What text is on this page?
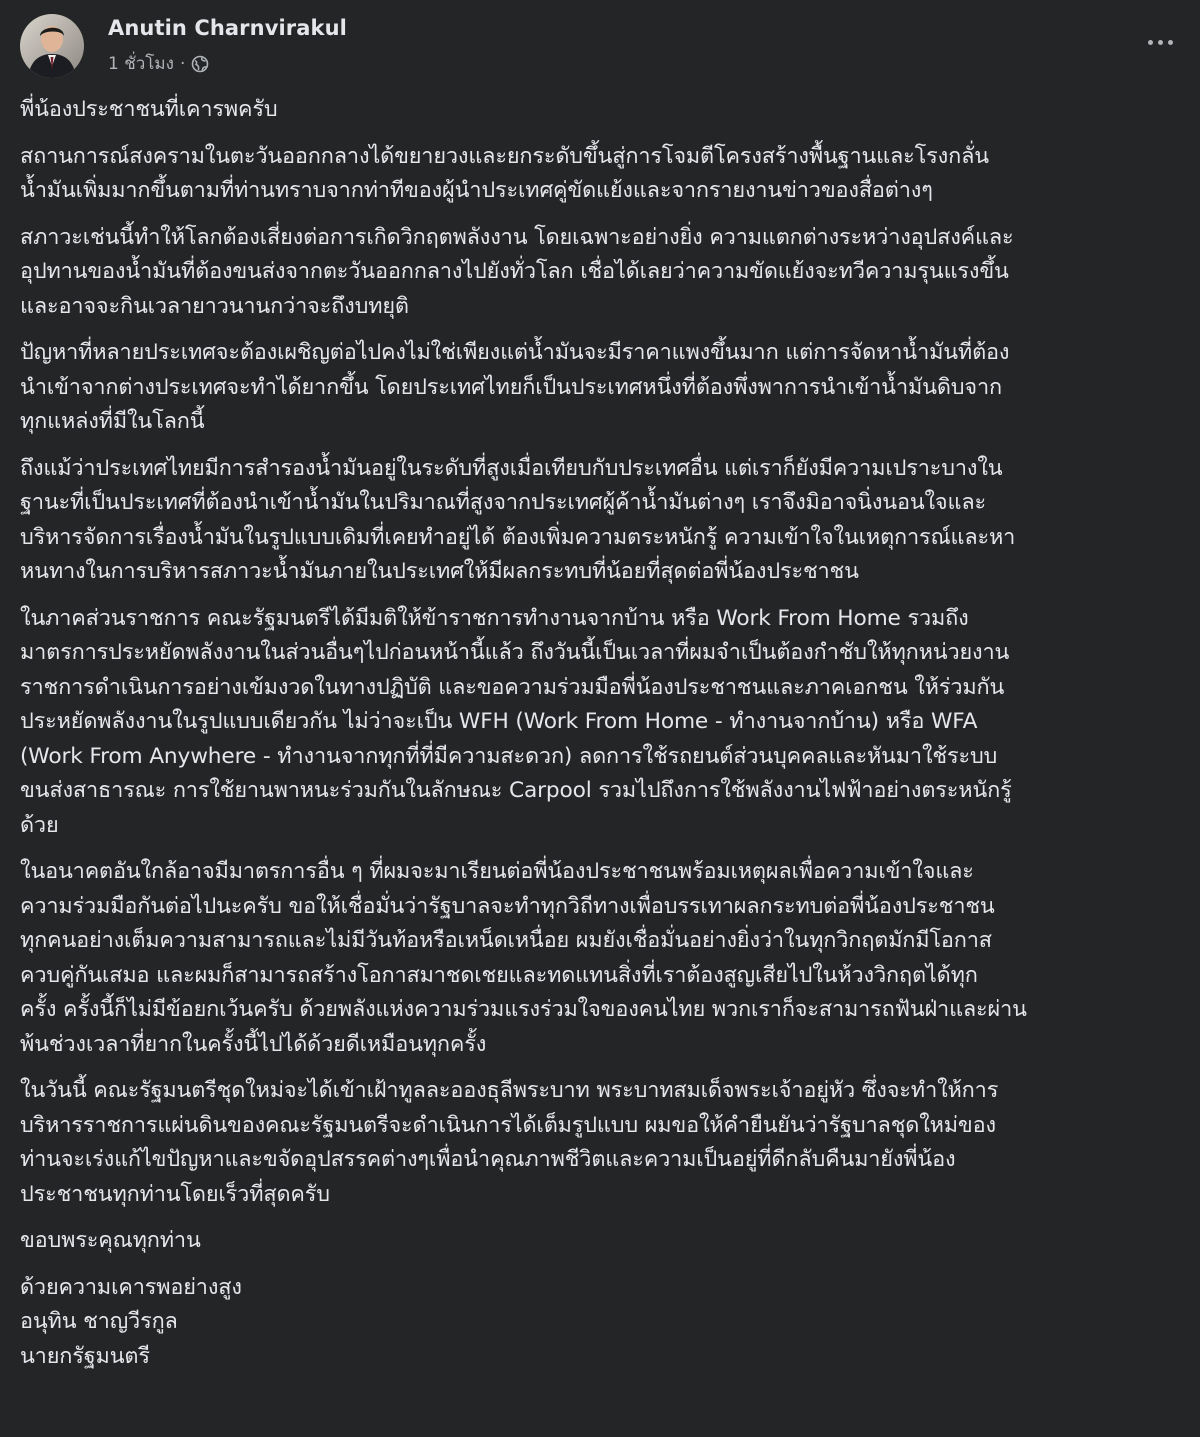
Anutin Charnvirakul
1 ชั่วโมง ·

พี่น้องประชาชนที่เคารพครับ

สถานการณ์สงครามในตะวันออกกลางได้ขยายวงและยกระดับขึ้นสู่การโจมตีโครงสร้างพื้นฐานและโรงกลั่น
น้ำมันเพิ่มมากขึ้นตามที่ท่านทราบจากท่าทีของผู้นำประเทศคู่ขัดแย้งและจากรายงานข่าวของสื่อต่างๆ

สภาวะเช่นนี้ทำให้โลกต้องเสี่ยงต่อการเกิดวิกฤตพลังงาน โดยเฉพาะอย่างยิ่ง ความแตกต่างระหว่างอุปสงค์และ
อุปทานของน้ำมันที่ต้องขนส่งจากตะวันออกกลางไปยังทั่วโลก เชื่อได้เลยว่าความขัดแย้งจะทวีความรุนแรงขึ้น
และอาจจะกินเวลายาวนานกว่าจะถึงบทยุติ

ปัญหาที่หลายประเทศจะต้องเผชิญต่อไปคงไม่ใช่เพียงแต่น้ำมันจะมีราคาแพงขึ้นมาก แต่การจัดหาน้ำมันที่ต้อง
นำเข้าจากต่างประเทศจะทำได้ยากขึ้น โดยประเทศไทยก็เป็นประเทศหนึ่งที่ต้องพึ่งพาการนำเข้าน้ำมันดิบจาก
ทุกแหล่งที่มีในโลกนี้

ถึงแม้ว่าประเทศไทยมีการสำรองน้ำมันอยู่ในระดับที่สูงเมื่อเทียบกับประเทศอื่น แต่เราก็ยังมีความเปราะบางใน
ฐานะที่เป็นประเทศที่ต้องนำเข้าน้ำมันในปริมาณที่สูงจากประเทศผู้ค้าน้ำมันต่างๆ เราจึงมิอาจนิ่งนอนใจและ
บริหารจัดการเรื่องน้ำมันในรูปแบบเดิมที่เคยทำอยู่ได้ ต้องเพิ่มความตระหนักรู้ ความเข้าใจในเหตุการณ์และหา
หนทางในการบริหารสภาวะน้ำมันภายในประเทศให้มีผลกระทบที่น้อยที่สุดต่อพี่น้องประชาชน

ในภาคส่วนราชการ คณะรัฐมนตรีได้มีมติให้ข้าราชการทำงานจากบ้าน หรือ Work From Home รวมถึง
มาตรการประหยัดพลังงานในส่วนอื่นๆไปก่อนหน้านี้แล้ว ถึงวันนี้เป็นเวลาที่ผมจำเป็นต้องกำชับให้ทุกหน่วยงาน
ราชการดำเนินการอย่างเข้มงวดในทางปฏิบัติ และขอความร่วมมือพี่น้องประชาชนและภาคเอกชน ให้ร่วมกัน
ประหยัดพลังงานในรูปแบบเดียวกัน ไม่ว่าจะเป็น WFH (Work From Home - ทำงานจากบ้าน) หรือ WFA
(Work From Anywhere - ทำงานจากทุกที่ที่มีความสะดวก) ลดการใช้รถยนต์ส่วนบุคคลและหันมาใช้ระบบ
ขนส่งสาธารณะ การใช้ยานพาหนะร่วมกันในลักษณะ Carpool รวมไปถึงการใช้พลังงานไฟฟ้าอย่างตระหนักรู้
ด้วย

ในอนาคตอันใกล้อาจมีมาตรการอื่น ๆ ที่ผมจะมาเรียนต่อพี่น้องประชาชนพร้อมเหตุผลเพื่อความเข้าใจและ
ความร่วมมือกันต่อไปนะครับ ขอให้เชื่อมั่นว่ารัฐบาลจะทำทุกวิถีทางเพื่อบรรเทาผลกระทบต่อพี่น้องประชาชน
ทุกคนอย่างเต็มความสามารถและไม่มีวันท้อหรือเหน็ดเหนื่อย ผมยังเชื่อมั่นอย่างยิ่งว่าในทุกวิกฤตมักมีโอกาส
ควบคู่กันเสมอ และผมก็สามารถสร้างโอกาสมาชดเชยและทดแทนสิ่งที่เราต้องสูญเสียไปในห้วงวิกฤตได้ทุก
ครั้ง ครั้งนี้ก็ไม่มีข้อยกเว้นครับ ด้วยพลังแห่งความร่วมแรงร่วมใจของคนไทย พวกเราก็จะสามารถฟันฝ่าและผ่าน
พ้นช่วงเวลาที่ยากในครั้งนี้ไปได้ด้วยดีเหมือนทุกครั้ง

ในวันนี้ คณะรัฐมนตรีชุดใหม่จะได้เข้าเฝ้าทูลละอองธุลีพระบาท พระบาทสมเด็จพระเจ้าอยู่หัว ซึ่งจะทำให้การ
บริหารราชการแผ่นดินของคณะรัฐมนตรีจะดำเนินการได้เต็มรูปแบบ ผมขอให้คำยืนยันว่ารัฐบาลชุดใหม่ของ
ท่านจะเร่งแก้ไขปัญหาและขจัดอุปสรรคต่างๆเพื่อนำคุณภาพชีวิตและความเป็นอยู่ที่ดีกลับคืนมายังพี่น้อง
ประชาชนทุกท่านโดยเร็วที่สุดครับ

ขอบพระคุณทุกท่าน

ด้วยความเคารพอย่างสูง

อนุทิน ชาญวีรกูล

นายกรัฐมนตรี
